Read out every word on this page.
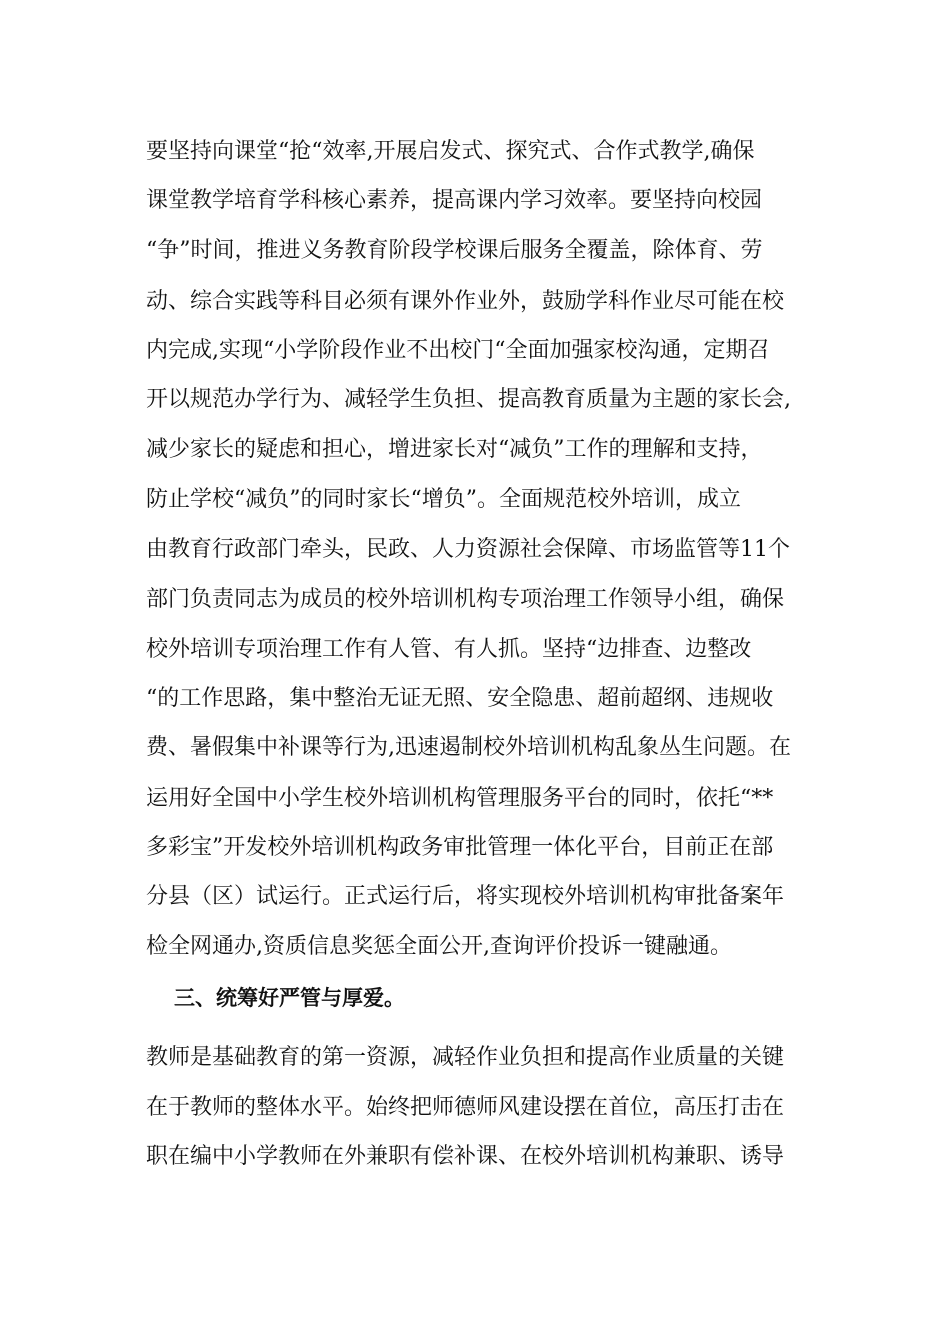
要坚持向课堂“抢“效率,开展启发式、探究式、合作式教学,确保
课堂教学培育学科核心素养，提高课内学习效率。要坚持向校园
“争”时间，推进义务教育阶段学校课后服务全覆盖，除体育、劳
动、综合实践等科目必须有课外作业外，鼓励学科作业尽可能在校
内完成,实现“小学阶段作业不出校门“全面加强家校沟通，定期召
开以规范办学行为、减轻学生负担、提高教育质量为主题的家长会,
减少家长的疑虑和担心，增进家长对“减负”工作的理解和支持，
防止学校“减负”的同时家长“增负”。全面规范校外培训，成立
由教育行政部门牵头，民政、人力资源社会保障、市场监管等11个
部门负责同志为成员的校外培训机构专项治理工作领导小组，确保
校外培训专项治理工作有人管、有人抓。坚持“边排查、边整改
“的工作思路，集中整治无证无照、安全隐患、超前超纲、违规收
费、暑假集中补课等行为,迅速遏制校外培训机构乱象丛生问题。在
运用好全国中小学生校外培训机构管理服务平台的同时，依托“**
多彩宝”开发校外培训机构政务审批管理一体化平台，目前正在部
分县（区）试运行。正式运行后，将实现校外培训机构审批备案年
检全网通办,资质信息奖惩全面公开,查询评价投诉一键融通。
三、统筹好严管与厚爱。
教师是基础教育的第一资源，减轻作业负担和提高作业质量的关键
在于教师的整体水平。始终把师德师风建设摆在首位，高压打击在
职在编中小学教师在外兼职有偿补课、在校外培训机构兼职、诱导
